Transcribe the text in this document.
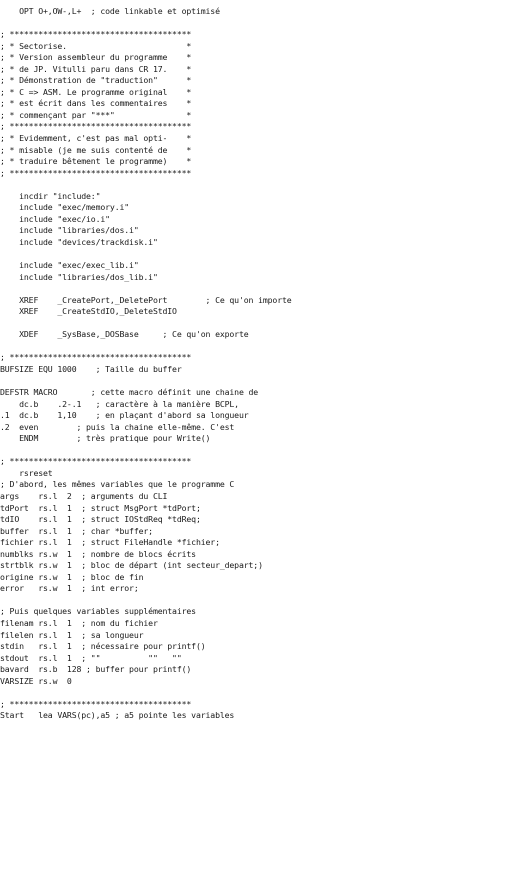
OPT O+,OW-,L+  ; code linkable et optimisé

; **************************************
; * Sectorise.                         *
; * Version assembleur du programme    *
; * de JP. Vitulli paru dans CR 17.    *
; * Démonstration de "traduction"      *
; * C => ASM. Le programme original    *
; * est écrit dans les commentaires    *
; * commençant par "***"               *
; **************************************
; * Evidemment, c'est pas mal opti-    *
; * misable (je me suis contenté de    *
; * traduire bêtement le programme)    *
; **************************************

incdir "include:"
include "exec/memory.i"
include "exec/io.i"
include "libraries/dos.i"
include "devices/trackdisk.i"

include "exec/exec_lib.i"
include "libraries/dos_lib.i"

XREF    _CreatePort,_DeletePort        ; Ce qu'on importe
XREF    _CreateStdIO,_DeleteStdIO

XDEF    _SysBase,_DOSBase     ; Ce qu'on exporte

; **************************************
BUFSIZE EQU 1000    ; Taille du buffer

DEFSTR MACRO       ; cette macro définit une chaine de
dc.b    .2-.1   ; caractère à la manière BCPL,
.1  dc.b    1,10    ; en plaçant d'abord sa longueur
.2  even        ; puis la chaine elle-même. C'est
ENDM        ; très pratique pour Write()

; **************************************
rsreset
; D'abord, les mêmes variables que le programme C
args    rs.l  2  ; arguments du CLI
tdPort  rs.l  1  ; struct MsgPort *tdPort;
tdIO    rs.l  1  ; struct IOStdReq *tdReq;
buffer  rs.l  1  ; char *buffer;
fichier rs.l  1  ; struct FileHandle *fichier;
numblks rs.w  1  ; nombre de blocs écrits
strtblk rs.w  1  ; bloc de départ (int secteur_depart;)
origine rs.w  1  ; bloc de fin
error   rs.w  1  ; int error;

; Puis quelques variables supplémentaires
filenam rs.l  1  ; nom du fichier
filelen rs.l  1  ; sa longueur
stdin   rs.l  1  ; nécessaire pour printf()
stdout  rs.l  1  ; ""          ""   ""
bavard  rs.b  128 ; buffer pour printf()
VARSIZE rs.w  0

; **************************************
Start   lea VARS(pc),a5 ; a5 pointe les variables
